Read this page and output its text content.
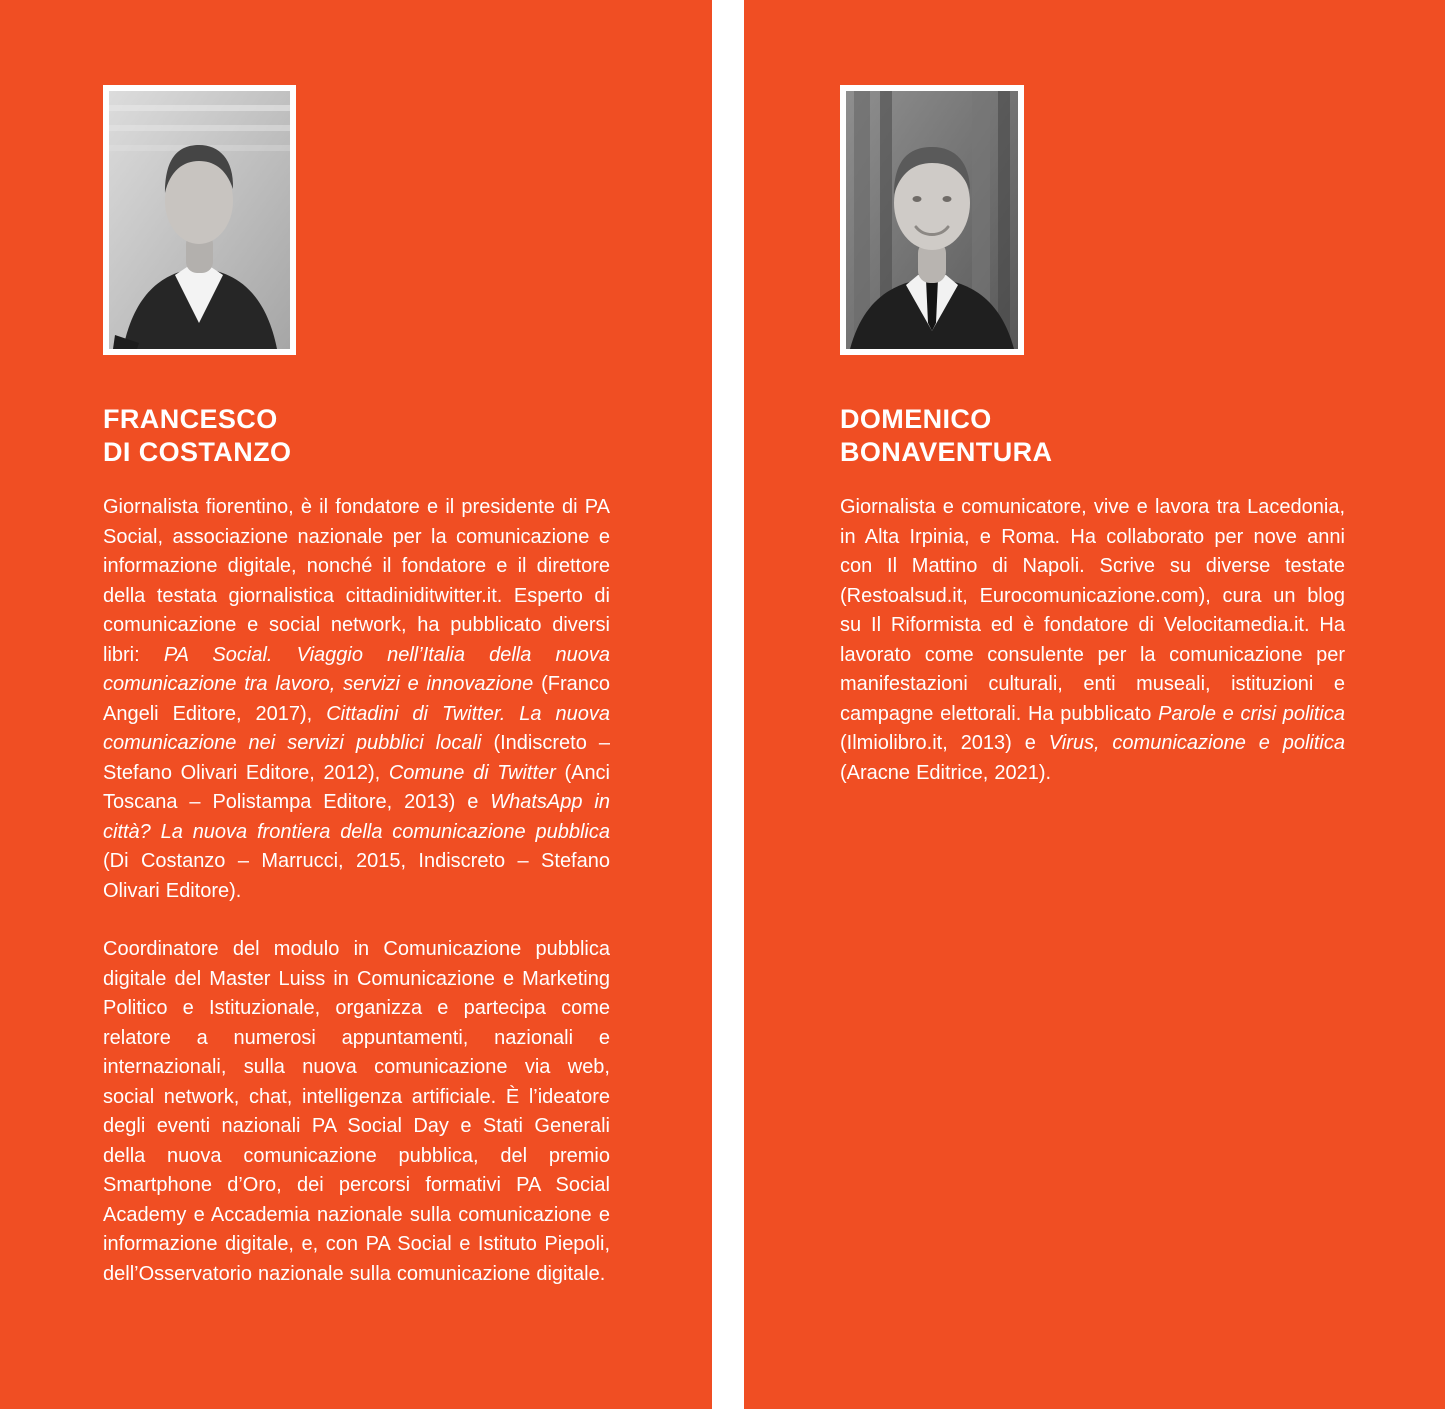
FRANCESCO
DI COSTANZO

Giornalista fiorentino, è il fondatore e il presidente di PA Social, associazione nazionale per la comunicazione e informazione digitale, nonché il fondatore e il direttore della testata giornalistica cittadiniditwitter.it. Esperto di comunicazione e social network, ha pubblicato diversi libri: PA Social. Viaggio nell’Italia della nuova comunicazione tra lavoro, servizi e innovazione (Franco Angeli Editore, 2017), Cittadini di Twitter. La nuova comunicazione nei servizi pubblici locali (Indiscreto – Stefano Olivari Editore, 2012), Comune di Twitter (Anci Toscana – Polistampa Editore, 2013) e WhatsApp in città? La nuova frontiera della comunicazione pubblica (Di Costanzo – Marrucci, 2015, Indiscreto – Stefano Olivari Editore).

Coordinatore del modulo in Comunicazione pubblica digitale del Master Luiss in Comunicazione e Marketing Politico e Istituzionale, organizza e partecipa come relatore a numerosi appuntamenti, nazionali e internazionali, sulla nuova comunicazione via web, social network, chat, intelligenza artificiale. È l’ideatore degli eventi nazionali PA Social Day e Stati Generali della nuova comunicazione pubblica, del premio Smartphone d’Oro, dei percorsi formativi PA Social Academy e Accademia nazionale sulla comunicazione e informazione digitale, e, con PA Social e Istituto Piepoli, dell’Osservatorio nazionale sulla comunicazione digitale.

DOMENICO
BONAVENTURA

Giornalista e comunicatore, vive e lavora tra Lacedonia, in Alta Irpinia, e Roma. Ha collaborato per nove anni con Il Mattino di Napoli. Scrive su diverse testate (Restoalsud.it, Eurocomunicazione.com), cura un blog su Il Riformista ed è fondatore di Velocitamedia.it. Ha lavorato come consulente per la comunicazione per manifestazioni culturali, enti museali, istituzioni e campagne elettorali. Ha pubblicato Parole e crisi politica (Ilmiolibro.it, 2013) e Virus, comunicazione e politica (Aracne Editrice, 2021).
